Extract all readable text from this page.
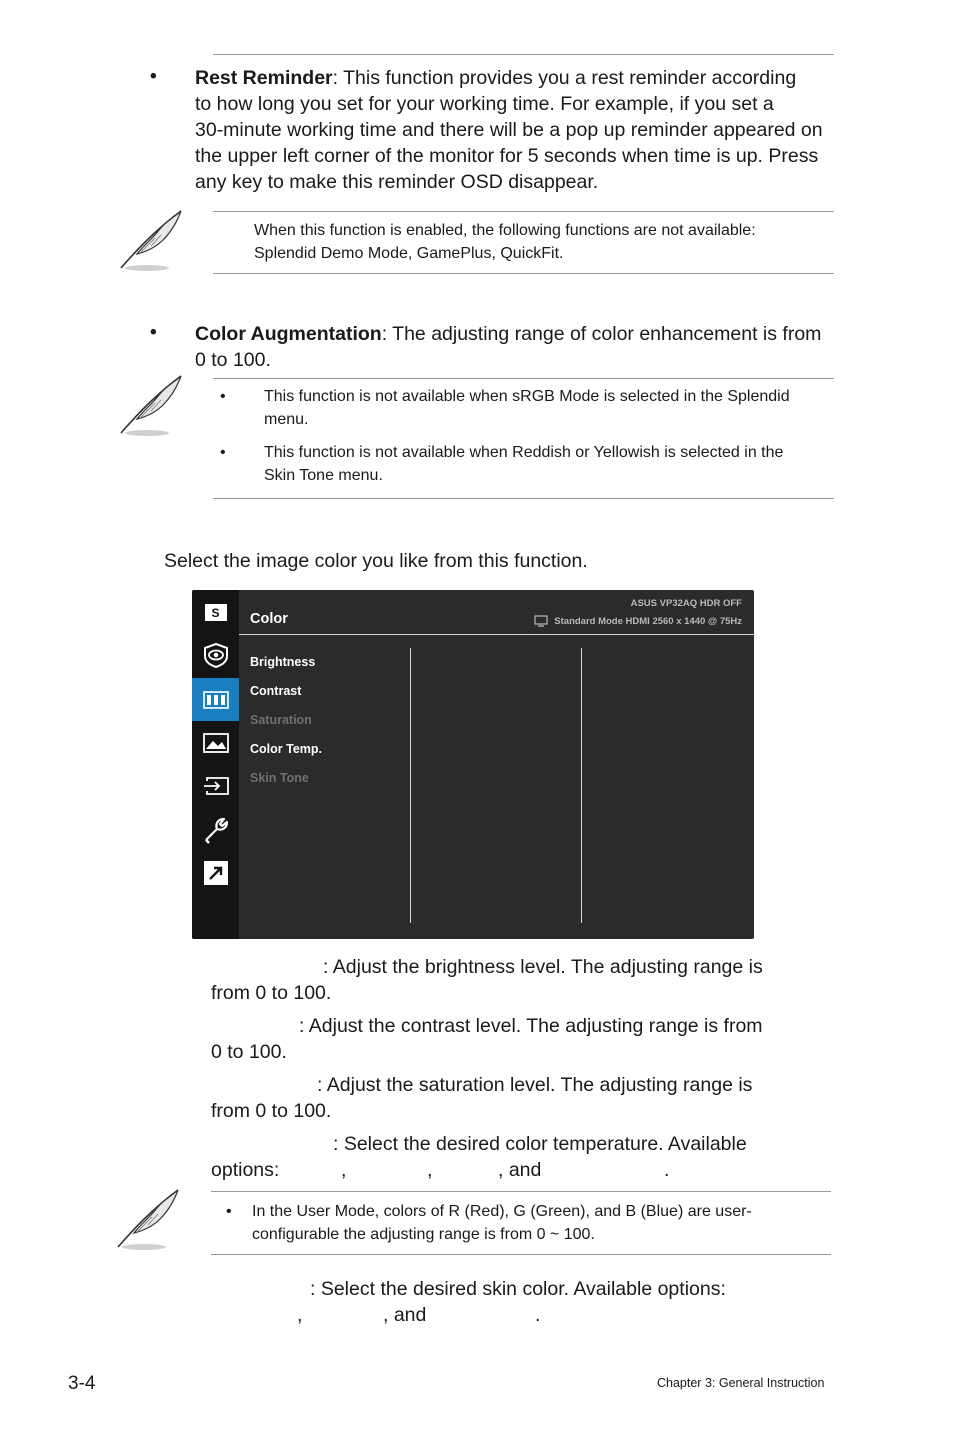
• Rest Reminder: This function provides you a rest reminder according
to how long you set for your working time. For example, if you set a
30-minute working time and there will be a pop up reminder appeared on
the upper left corner of the monitor for 5 seconds when time is up. Press
any key to make this reminder OSD disappear.
When this function is enabled, the following functions are not available:
Splendid Demo Mode, GamePlus, QuickFit.
• Color Augmentation: The adjusting range of color enhancement is from
0 to 100.
• This function is not available when sRGB Mode is selected in the Splendid
menu.
• This function is not available when Reddish or Yellowish is selected in the
Skin Tone menu.
Select the image color you like from this function.
S	Color
ASUS VP32AQ HDR OFF
Standard Mode HDMI 2560 x 1440 @ 75Hz
Brightness
Contrast
Saturation
Color Temp.
Skin Tone
: Adjust the brightness level. The adjusting range is
from 0 to 100.
: Adjust the contrast level. The adjusting range is from
0 to 100.
: Adjust the saturation level. The adjusting range is
from 0 to 100.
: Select the desired color temperature. Available
options:	,	,	, and	.
• In the User Mode, colors of R (Red), G (Green), and B (Blue) are user-
configurable the adjusting range is from 0 ~ 100.
: Select the desired skin color. Available options:
,	, and	.
3-4	Chapter 3: General Instruction
